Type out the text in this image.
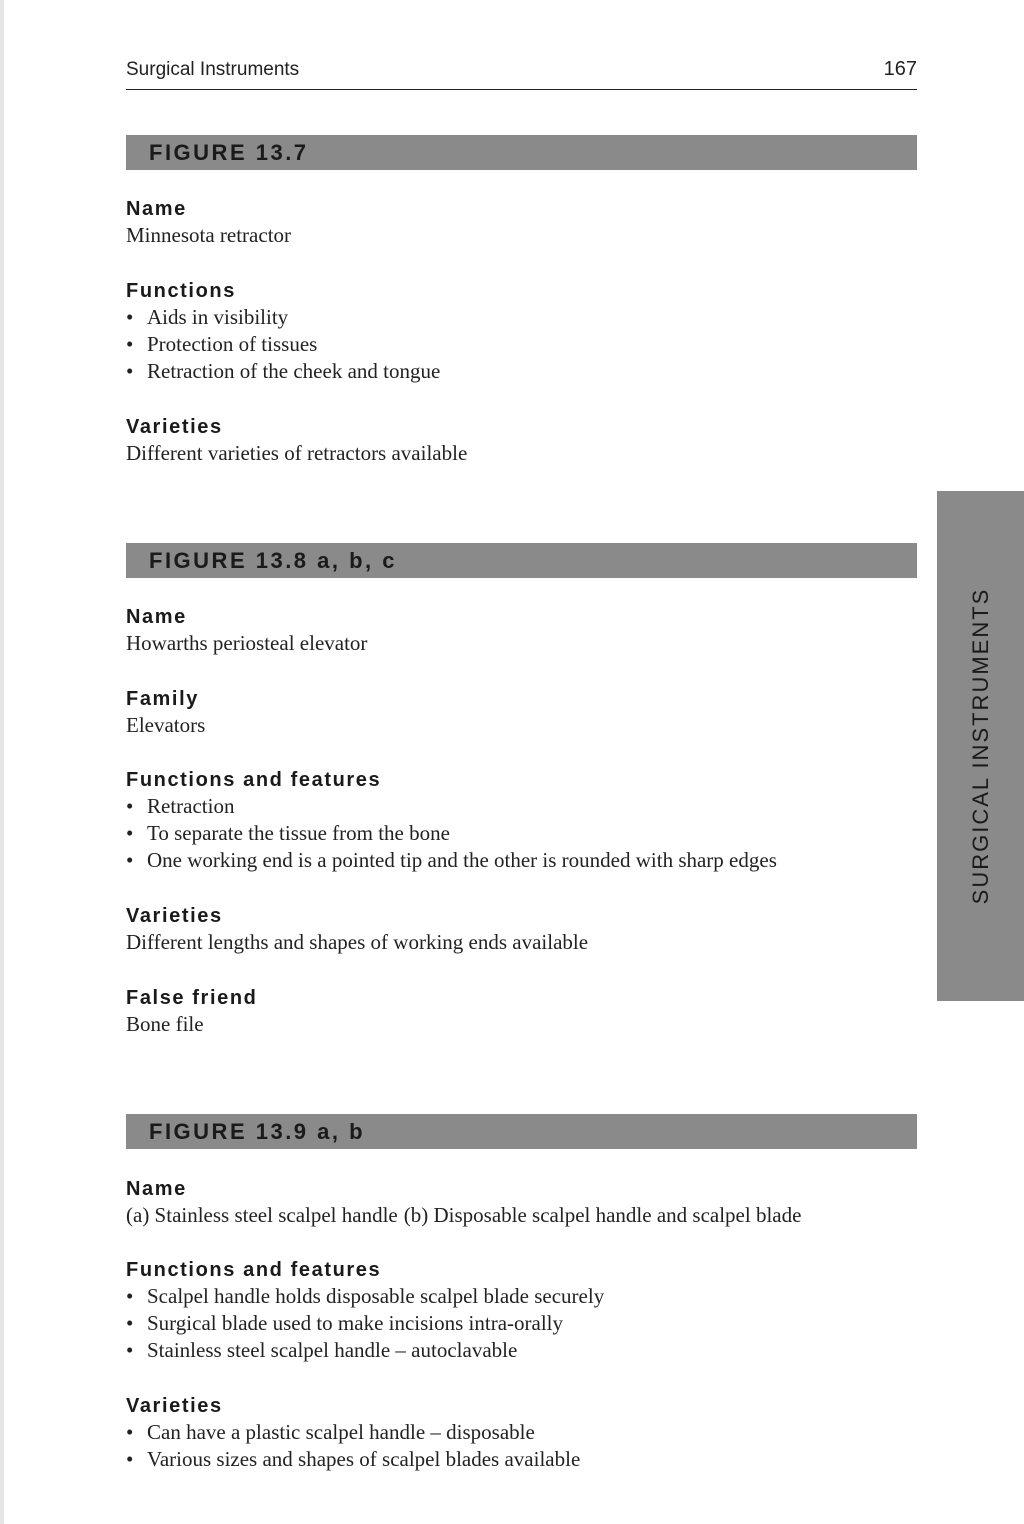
Surgical Instruments	167
FIGURE 13.7
Name
Minnesota retractor
Functions
• Aids in visibility
• Protection of tissues
• Retraction of the cheek and tongue
Varieties
Different varieties of retractors available
FIGURE 13.8 a, b, c
Name
Howarths periosteal elevator
Family
Elevators
Functions and features
• Retraction
• To separate the tissue from the bone
• One working end is a pointed tip and the other is rounded with sharp edges
Varieties
Different lengths and shapes of working ends available
False friend
Bone file
FIGURE 13.9 a, b
Name
(a) Stainless steel scalpel handle (b) Disposable scalpel handle and scalpel blade
Functions and features
• Scalpel handle holds disposable scalpel blade securely
• Surgical blade used to make incisions intra-orally
• Stainless steel scalpel handle – autoclavable
Varieties
• Can have a plastic scalpel handle – disposable
• Various sizes and shapes of scalpel blades available
SURGICAL INSTRUMENTS
